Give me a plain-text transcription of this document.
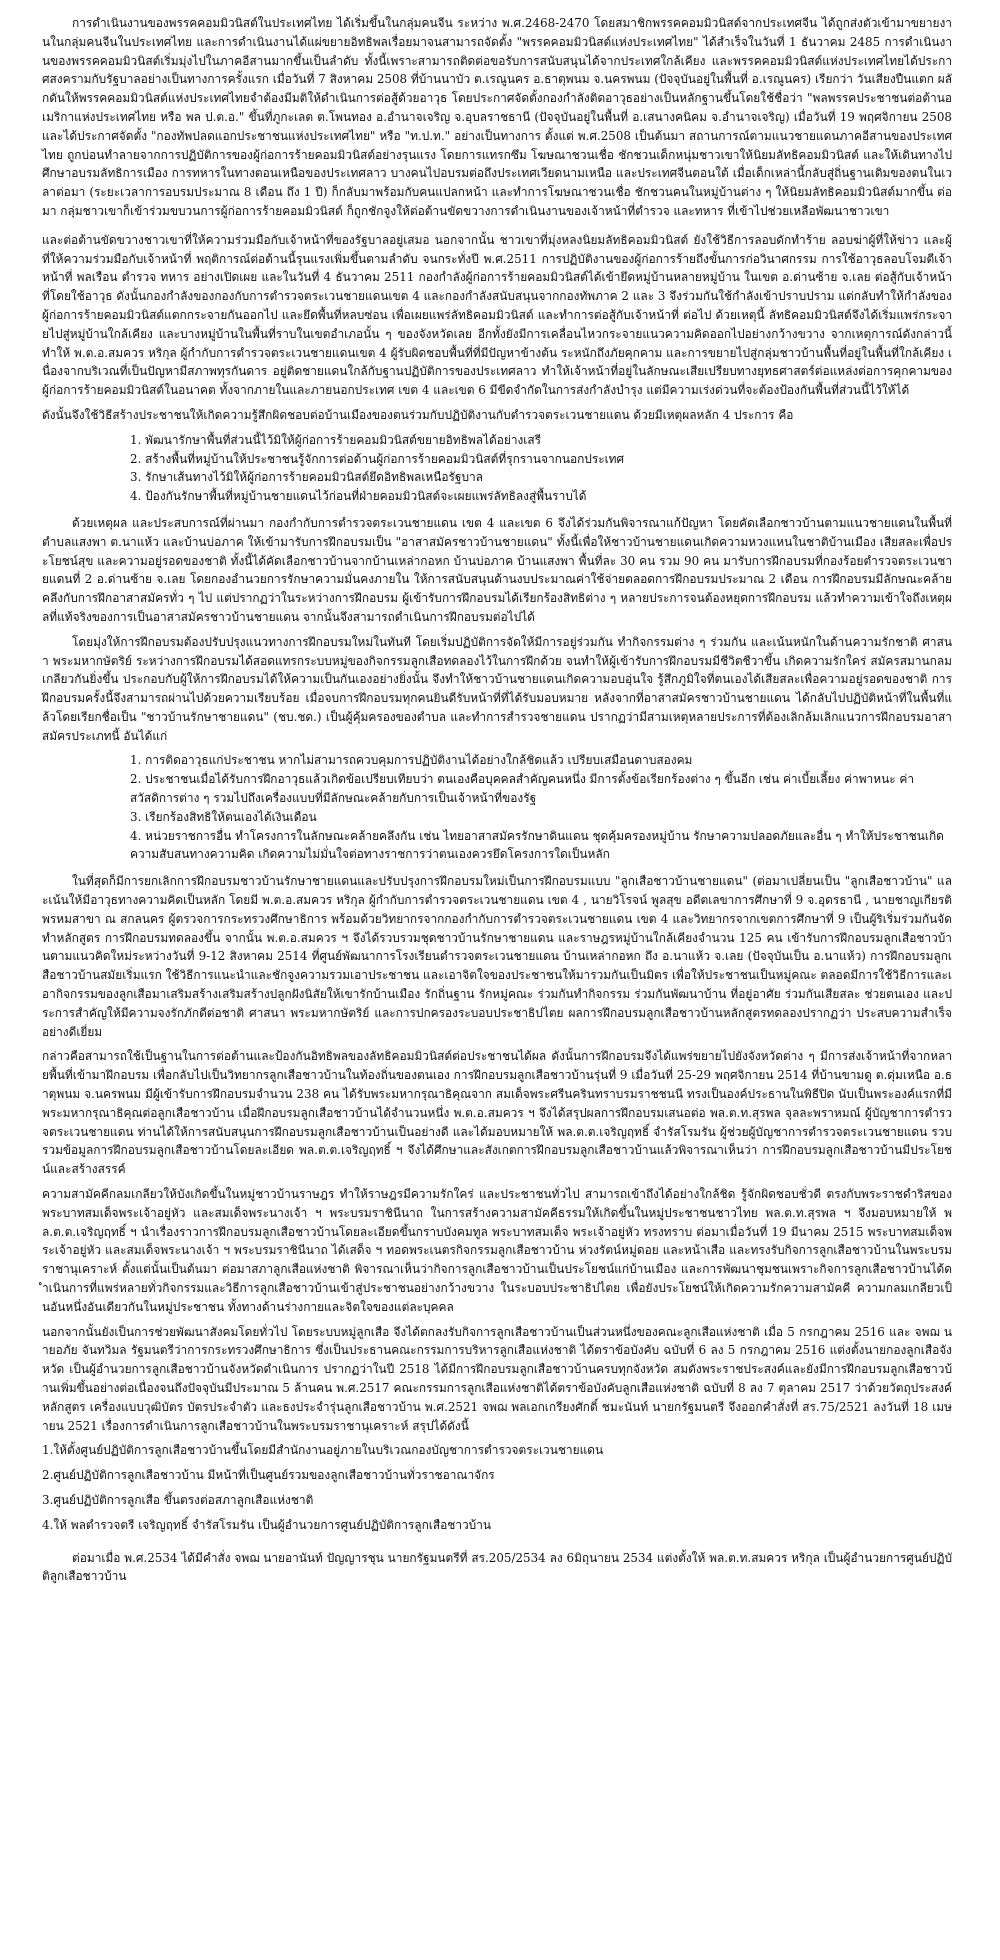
การดำเนินงานของพรรคคอมมิวนิสต์ในประเทศไทย ได้เริ่มขึ้นในกลุ่มคนจีน ระหว่าง พ.ศ.2468-2470 โดยสมาชิกพรรคคอมมิวนิสต์จากประเทศจีน ได้ถูกส่งตัวเข้ามาขยายงานในกลุ่มคนจีนในประเทศไทย และการดำเนินงานได้แผ่ขยายอิทธิพลเรื่อยมาจนสามารถจัดตั้ง "พรรคคอมมิวนิสต์แห่งประเทศไทย" ได้สำเร็จในวันที่ 1 ธันวาคม 2485 การดำเนินงานของพรรคคอมมิวนิสต์เริ่มมุ่งไปในภาคอีสานมากขึ้นเป็นลำดับ ทั้งนี้เพราะสามารถติดต่อขอรับการสนับสนุนได้จากประเทศใกล้เคียง และพรรคคอมมิวนิสต์แห่งประเทศไทยได้ประกาศสงครามกับรัฐบาลอย่างเป็นทางการครั้งแรก เมื่อวันที่ 7 สิงหาคม 2508 ที่บ้านนาบัว ต.เรณูนคร อ.ธาตุพนม จ.นครพนม (ปัจจุบันอยู่ในพื้นที่ อ.เรณูนคร) เรียกว่า วันเสียงปืนแตก ผลักดันให้พรรคคอมมิวนิสต์แห่งประเทศไทยจำต้องมีมติให้ดำเนินการต่อสู้ด้วยอาวุธ โดยประกาศจัดตั้งกองกำลังติดอาวุธอย่างเป็นหลักฐานขึ้นโดยใช้ชื่อว่า "พลพรรคประชาชนต่อต้านอเมริกาแห่งประเทศไทย หรือ พล ป.ต.อ." ขึ้นที่ภูกะเลต ต.โพนทอง อ.อำนาจเจริญ จ.อุบลราชธานี (ปัจจุบันอยู่ในพื้นที่ อ.เสนางคนิคม จ.อำนาจเจริญ) เมื่อวันที่ 19 พฤศจิกายน 2508 และได้ประกาศจัดตั้ง "กองทัพปลดแอกประชาชนแห่งประเทศไทย" หรือ "ท.ป.ท." อย่างเป็นทางการ ตั้งแต่ พ.ศ.2508 เป็นต้นมา สถานการณ์ตามแนวชายแดนภาคอีสานของประเทศไทย ถูกบ่อนทำลายจากการปฏิบัติการของผู้ก่อการร้ายคอมมิวนิสต์อย่างรุนแรง โดยการแทรกซึม โฆษณาชวนเชื่อ ชักชวนเด็กหนุ่มชาวเขาให้นิยมลัทธิคอมมิวนิสต์ และให้เดินทางไปศึกษาอบรมลัทธิการเมือง การทหารในทางตอนเหนือของประเทศลาว บางคนไปอบรมต่อถึงประเทศเวียดนามเหนือ และประเทศจีนตอนใต้ เมื่อเด็กเหล่านี้กลับสู่ถิ่นฐานเดิมของตนในเวลาต่อมา (ระยะเวลาการอบรมประมาณ 8 เดือน ถึง 1 ปี) ก็กลับมาพร้อมกับคนแปลกหน้า และทำการโฆษณาชวนเชื่อ ชักชวนคนในหมู่บ้านต่าง ๆ ให้นิยมลัทธิคอมมิวนิสต์มากขึ้น ต่อมา กลุ่มชาวเขาก็เข้าร่วมขบวนการผู้ก่อการร้ายคอมมิวนิสต์ ก็ถูกชักจูงให้ต่อต้านขัดขวางการดำเนินงานของเจ้าหน้าที่ตำรวจ และทหาร ที่เข้าไปช่วยเหลือพัฒนาชาวเขา

และต่อต้านขัดขวางชาวเขาที่ให้ความร่วมมือกับเจ้าหน้าที่ของรัฐบาลอยู่เสมอ นอกจากนั้น ชาวเขาที่มุ่งหลงนิยมลัทธิคอมมิวนิสต์ ยังใช้วิธีการลอบดักทำร้าย ลอบฆ่าผู้ที่ให้ข่าว และผู้ที่ให้ความร่วมมือกับเจ้าหน้าที่ พฤติการณ์ต่อต้านนี้รุนแรงเพิ่มขึ้นตามลำดับ จนกระทั่งปี พ.ศ.2511 การปฏิบัติงานของผู้ก่อการร้ายถึงขั้นการก่อวินาศกรรม การใช้อาวุธลอบโจมตีเจ้าหน้าที่ พลเรือน ตำรวจ ทหาร อย่างเปิดเผย และในวันที่ 4 ธันวาคม 2511 กองกำลังผู้ก่อการร้ายคอมมิวนิสต์ได้เข้ายึดหมู่บ้านหลายหมู่บ้าน ในเขต อ.ด่านซ้าย จ.เลย ต่อสู้กับเจ้าหน้าที่โดยใช้อาวุธ ดังนั้นกองกำลังของกองกับการตำรวจตระเวนชายแดนเขต 4 และกองกำลังสนับสนุนจากกองทัพภาค 2 และ 3 จึงร่วมกันใช้กำลังเข้าปราบปราม แต่กลับทำให้กำลังของผู้ก่อการร้ายคอมมิวนิสต์แตกกระจายกันออกไป และยึดพื้นที่หลบซ่อน เพื่อเผยแพร่ลัทธิคอมมิวนิสต์ และทำการต่อสู้กับเจ้าหน้าที่ ต่อไป ด้วยเหตุนี้ ลัทธิคอมมิวนิสต์จึงได้เริ่มแพร่กระจายไปสู่หมู่บ้านใกล้เคียง และบางหมู่บ้านในพื้นที่ราบในเขตอำเภอนั้น ๆ ของจังหวัดเลย อีกทั้งยังมีการเคลื่อนไหวกระจายแนวความคิดออกไปอย่างกว้างขวาง จากเหตุการณ์ดังกล่าวนี้ ทำให้ พ.ต.อ.สมควร หริกุล ผู้กำกับการตำรวจตระเวนชายแดนเขต 4 ผู้รับผิดชอบพื้นที่ที่มีปัญหาข้างต้น ระหนักถึงภัยคุกคาม และการขยายไปสู่กลุ่มชาวบ้านพื้นที่อยู่ในพื้นที่ใกล้เคียง เนื่องจากบริเวณที่เป็นปัญหามีสภาพทุรกันดาร อยู่ติดชายแดนใกล้กับฐานปฏิบัติการของประเทศลาว ทำให้เจ้าหน้าที่อยู่ในลักษณะเสียเปรียบทางยุทธศาสตร์ต่อแหล่งต่อการคุกคามของผู้ก่อการร้ายคอมมิวนิสต์ในอนาคต ทั้งจากภายในและภายนอกประเทศ เขต 4 และเขต 6 มีขีดจำกัดในการส่งกำลังบำรุง แต่มีความเร่งด่วนที่จะต้องป้องกันพื้นที่ส่วนนี้ไว้ให้ได้

ดังนั้นจึงใช้วิธีสร้างประชาชนให้เกิดความรู้สึกผิดชอบต่อบ้านเมืองของตนร่วมกับปฏิบัติงานกับตำรวจตระเวนชายแดน ด้วยมีเหตุผลหลัก 4 ประการ คือ

1. พัฒนารักษาพื้นที่ส่วนนี้ไว้มิให้ผู้ก่อการร้ายคอมมิวนิสต์ขยายอิทธิพลได้อย่างเสรี
2. สร้างพื้นที่หมู่บ้านให้ประชาชนรู้จักการต่อต้านผู้ก่อการร้ายคอมมิวนิสต์ที่รุกรานจากนอกประเทศ
3. รักษาเส้นทางไว้มิให้ผู้ก่อการร้ายคอมมิวนิสต์ยึดอิทธิพลเหนือรัฐบาล
4. ป้องกันรักษาพื้นที่หมู่บ้านชายแดนไว้ก่อนที่ฝ่ายคอมมิวนิสต์จะเผยแพร่ลัทธิลงสู่พื้นราบได้

ด้วยเหตุผล และประสบการณ์ที่ผ่านมา กองกำกับการตำรวจตระเวนชายแดน เขต 4 และเขต 6 จึงได้ร่วมกันพิจารณาแก้ปัญหา โดยคัดเลือกชาวบ้านตามแนวชายแดนในพื้นที่ ตำบลแสงพา ต.นาแห้ว และบ้านบ่อภาค ให้เข้ามารับการฝึกอบรมเป็น "อาสาสมัครชาวบ้านชายแดน" ทั้งนี้เพื่อให้ชาวบ้านชายแดนเกิดความหวงแหนในชาติบ้านเมือง เสียสละเพื่อประโยชน์สุข และความอยู่รอดของชาติ ทั้งนี้ได้คัดเลือกชาวบ้านจากบ้านเหล่ากอหก บ้านบ่อภาค บ้านแสงพา พื้นที่ละ 30 คน รวม 90 คน มารับการฝึกอบรมที่กองร้อยตำรวจตระเวนชายแดนที่ 2 อ.ด่านซ้าย จ.เลย โดยกองอำนวยการรักษาความมั่นคงภายใน ให้การสนับสนุนด้านงบประมาณค่าใช้จ่ายตลอดการฝึกอบรมประมาณ 2 เดือน การฝึกอบรมมีลักษณะคล้ายคลึงกับการฝึกอาสาสมัครทั่ว ๆ ไป แต่ปรากฏว่าในระหว่างการฝึกอบรม ผู้เข้ารับการฝึกอบรมได้เรียกร้องสิทธิต่าง ๆ หลายประการจนต้องหยุดการฝึกอบรม แล้วทำความเข้าใจถึงเหตุผลที่แท้จริงของการเป็นอาสาสมัครชาวบ้านชายแดน จากนั้นจึงสามารถดำเนินการฝึกอบรมต่อไปได้

โดยมุ่งให้การฝึกอบรมต้องปรับปรุงแนวทางการฝึกอบรมใหม่ในทันที โดยเริ่มปฏิบัติการจัดให้มีการอยู่ร่วมกัน ทำกิจกรรมต่าง ๆ ร่วมกัน และเน้นหนักในด้านความรักชาติ ศาสนา พระมหากษัตริย์ ระหว่างการฝึกอบรมได้สอดแทรกระบบหมู่ของกิจกรรมลูกเสือทดลองไว้ในการฝึกด้วย จนทำให้ผู้เข้ารับการฝึกอบรมมีชีวิตชีวาขึ้น เกิดความรักใคร่ สมัครสมานกลมเกลียวกันยิ่งขึ้น ประกอบกับผู้ให้การฝึกอบรมได้ให้ความเป็นกันเองอย่างยิ่งนั้น จึงทำให้ชาวบ้านชายแดนเกิดความอบอุ่นใจ รู้สึกภูมิใจที่ตนเองได้เสียสละเพื่อความอยู่รอดของชาติ การฝึกอบรมครั้งนี้จึงสามารถผ่านไปด้วยความเรียบร้อย เมื่อจบการฝึกอบรมทุกคนยินดีรับหน้าที่ที่ได้รับมอบหมาย หลังจากที่อาสาสมัครชาวบ้านชายแดน ได้กลับไปปฏิบัติหน้าที่ในพื้นที่แล้วโดยเรียกชื่อเป็น "ชาวบ้านรักษาชายแดน" (ชบ.ชด.) เป็นผู้คุ้มครองของตำบล และทำการสำรวจชายแดน ปรากฏว่ามีสามเหตุหลายประการที่ต้องเลิกล้มเลิกแนวการฝึกอบรมอาสาสมัครประเภทนี้ อันได้แก่

1. การติดอาวุธแก่ประชาชน หากไม่สามารถควบคุมการปฏิบัติงานได้อย่างใกล้ชิดแล้ว เปรียบเสมือนดาบสองคม
2. ประชาชนเมื่อได้รับการฝึกอาวุธแล้วเกิดข้อเปรียบเทียบว่า ตนเองคือบุคคลสำคัญคนหนึ่ง มีการตั้งข้อเรียกร้องต่าง ๆ ขึ้นอีก เช่น ค่าเบี้ยเลี้ยง ค่าพาหนะ ค่าสวัสดิการต่าง ๆ รวมไปถึงเครื่องแบบที่มีลักษณะคล้ายกับการเป็นเจ้าหน้าที่ของรัฐ
3. เรียกร้องสิทธิให้ตนเองได้เงินเดือน
4. หน่วยราชการอื่น ทำโครงการในลักษณะคล้ายคลึงกัน เช่น ไทยอาสาสมัครรักษาดินแดน ชุดคุ้มครองหมู่บ้าน รักษาความปลอดภัยและอื่น ๆ ทำให้ประชาชนเกิดความสับสนทางความคิด เกิดความไม่มั่นใจต่อทางราชการว่าตนเองควรยึดโครงการใดเป็นหลัก

ในที่สุดก็มีการยกเลิกการฝึกอบรมชาวบ้านรักษาชายแดนและปรับปรุงการฝึกอบรมใหม่เป็นการฝึกอบรมแบบ "ลูกเสือชาวบ้านชายแดน" (ต่อมาเปลี่ยนเป็น "ลูกเสือชาวบ้าน" และเน้นให้มีอาวุธทางความคิดเป็นหลัก โดยมี พ.ต.อ.สมควร หริกุล ผู้กำกับการตำรวจตระเวนชายแดน เขต 4 , นายวิโรจน์ พูลสุข อดีตเลขาการศึกษาที่ 9 จ.อุดรธานี , นายชาญเกียรติ พรหมสาขา ณ สกลนคร ผู้ตรวจการกระทรวงศึกษาธิการ พร้อมด้วยวิทยากรจากกองกำกับการตำรวจตระเวนชายแดน เขต 4 และวิทยากรจากเขตการศึกษาที่ 9 เป็นผู้ริเริ่มร่วมกันจัดทำหลักสูตร การฝึกอบรมทดลองขึ้น จากนั้น พ.ต.อ.สมควร ฯ จึงได้รวบรวมชุดชาวบ้านรักษาชายแดน และราษฎรหมู่บ้านใกล้เคียงจำนวน 125 คน เข้ารับการฝึกอบรมลูกเสือชาวบ้านตามแนวคิดใหม่ระหว่างวันที่ 9-12 สิงหาคม 2514 ที่ศูนย์พัฒนาการโรงเรียนตำรวจตระเวนชายแดน บ้านเหล่ากอหก ถึง อ.นาแห้ว จ.เลย (ปัจจุบันเป็น อ.นาแห้ว) การฝึกอบรมลูกเสือชาวบ้านสมัยเริ่มแรก ใช้วิธีการแนะนำและชักจูงความรวมเอาประชาชน และเอาจิตใจของประชาชนให้มารวมกันเป็นมิตร เพื่อให้ประชาชนเป็นหมู่คณะ ตลอดมีการใช้วิธีการและเอากิจกรรมของลูกเสือมาเสริมสร้างเสริมสร้างปลูกฝังนิสัยให้เขารักบ้านเมือง รักถิ่นฐาน รักหมู่คณะ ร่วมกันทำกิจกรรม ร่วมกันพัฒนาบ้าน ที่อยู่อาศัย ร่วมกันเสียสละ ช่วยตนเอง และประการสำคัญให้มีความจงรักภักดีต่อชาติ ศาสนา พระมหากษัตริย์ และการปกครองระบอบประชาธิปไตย ผลการฝึกอบรมลูกเสือชาวบ้านหลักสูตรทดลองปรากฏว่า ประสบความสำเร็จอย่างดีเยี่ยม

กล่าวคือสามารถใช้เป็นฐานในการต่อต้านและป้องกันอิทธิพลของลัทธิคอมมิวนิสต์ต่อประชาชนได้ผล ดังนั้นการฝึกอบรมจึงได้แพร่ขยายไปยังจังหวัดต่าง ๆ มีการส่งเจ้าหน้าที่จากหลายพื้นที่เข้ามาฝึกอบรม เพื่อกลับไปเป็นวิทยากรลูกเสือชาวบ้านในท้องถิ่นของตนเอง การฝึกอบรมลูกเสือชาวบ้านรุ่นที่ 9 เมื่อวันที่ 25-29 พฤศจิกายน 2514 ที่บ้านขามดู ต.ดุ่มเหนือ อ.ธาตุพนม จ.นครพนม มีผู้เข้ารับการฝึกอบรมจำนวน 238 คน ได้รับพระมหากรุณาธิคุณจาก สมเด็จพระศรีนครินทราบรมราชชนนี ทรงเป็นองค์ประธานในพิธีปิด นับเป็นพระองค์แรกที่มีพระมหากรุณาธิคุณต่อลูกเสือชาวบ้าน เมื่อฝึกอบรมลูกเสือชาวบ้านได้จำนวนหนึ่ง พ.ต.อ.สมควร ฯ จึงได้สรุปผลการฝึกอบรมเสนอต่อ พล.ต.ท.สุรพล จุลละพราหมณ์ ผู้บัญชาการตำรวจตระเวนชายแดน ท่านได้ให้การสนับสนุนการฝึกอบรมลูกเสือชาวบ้านเป็นอย่างดี และได้มอบหมายให้ พล.ต.ต.เจริญฤทธิ์ จำรัสโรมรัน ผู้ช่วยผู้บัญชาการตำรวจตระเวนชายแดน รวบรวมข้อมูลการฝึกอบรมลูกเสือชาวบ้านโดยละเอียด พล.ต.ต.เจริญฤทธิ์ ฯ จึงได้ศึกษาและสังเกตการฝึกอบรมลูกเสือชาวบ้านแล้วพิจารณาเห็นว่า การฝึกอบรมลูกเสือชาวบ้านมีประโยชน์และสร้างสรรค์

ความสามัคคีกลมเกลียวให้บังเกิดขึ้นในหมู่ชาวบ้านราษฎร ทำให้ราษฎรมีความรักใคร่ และประชาชนทั่วไป สามารถเข้าถึงได้อย่างใกล้ชิด รู้จักผิดชอบชั่วดี ตรงกับพระราชดำริสของพระบาทสมเด็จพระเจ้าอยู่หัว และสมเด็จพระนางเจ้า ฯ พระบรมราชินีนาถ ในการสร้างความสามัคคีธรรมให้เกิดขึ้นในหมู่ประชาชนชาวไทย พล.ต.ท.สุรพล ฯ จึงมอบหมายให้ พล.ต.ต.เจริญฤทธิ์ ฯ นำเรื่องราวการฝึกอบรมลูกเสือชาวบ้านโดยละเอียดขึ้นกราบบังคมทูล พระบาทสมเด็จ พระเจ้าอยู่หัว ทรงทราบ ต่อมาเมื่อวันที่ 19 มีนาคม 2515 พระบาทสมเด็จพระเจ้าอยู่หัว และสมเด็จพระนางเจ้า ฯ พระบรมราชินีนาถ ได้เสด็จ ฯ ทอดพระเนตรกิจกรรมลูกเสือชาวบ้าน ห่วงรัตน์หมู่ดอย และหน้าเสือ และทรงรับกิจการลูกเสือชาวบ้านในพระบรมราชานุเคราะห์ ตั้งแต่นั้นเป็นต้นมา ต่อมาสภาลูกเสือแห่งชาติ พิจารณาเห็นว่ากิจการลูกเสือชาวบ้านเป็นประโยชน์แก่บ้านเมือง และการพัฒนาชุมชนเพราะกิจการลูกเสือชาวบ้านได้ดำเนินการที่แพร่หลายทั่วกิจกรรมและวิธีการลูกเสือชาวบ้านเข้าสู่ประชาชนอย่างกว้างขวาง ในระบอบประชาธิปไตย เพื่อยังประโยชน์ให้เกิดความรักความสามัคคี ความกลมเกลียวเป็นอันหนึ่งอันเดียวกันในหมู่ประชาชน ทั้งทางด้านร่างกายและจิตใจของแต่ละบุคคล

นอกจากนั้นยังเป็นการช่วยพัฒนาสังคมโดยทั่วไป โดยระบบหมู่ลูกเสือ จึงได้ตกลงรับกิจการลูกเสือชาวบ้านเป็นส่วนหนึ่งของคณะลูกเสือแห่งชาติ เมื่อ 5 กรกฎาคม 2516 และ จพฌ นายอภัย จันทวิมล รัฐมนตรีว่าการกระทรวงศึกษาธิการ ซึ่งเป็นประธานคณะกรรมการบริหารลูกเสือแห่งชาติ ได้ตราข้อบังคับ ฉบับที่ 6 ลง 5 กรกฎาคม 2516 แต่งตั้งนายกองลูกเสือจังหวัด เป็นผู้อำนวยการลูกเสือชาวบ้านจังหวัดดำเนินการ ปรากฏว่าในปี 2518 ได้มีการฝึกอบรมลูกเสือชาวบ้านครบทุกจังหวัด สมดังพระราชประสงค์และยังมีการฝึกอบรมลูกเสือชาวบ้านเพิ่มขึ้นอย่างต่อเนื่องจนถึงปัจจุบันมีประมาณ 5 ล้านคน พ.ศ.2517 คณะกรรมการลูกเสือแห่งชาติได้ตราข้อบังคับลูกเสือแห่งชาติ ฉบับที่ 8 ลง 7 ตุลาคม 2517 ว่าด้วยวัตถุประสงค์ หลักสูตร เครื่องแบบวุฒิบัตร บัตรประจำตัว และธงประจำรุ่นลูกเสือชาวบ้าน พ.ศ.2521 จพฌ พลเอกเกรียงศักดิ์ ชมะนันท์ นายกรัฐมนตรี จึงออกคำสั่งที่ สร.75/2521 ลงวันที่ 18 เมษายน 2521 เรื่องการดำเนินการลูกเสือชาวบ้านในพระบรมราชานุเคราะห์ สรุปได้ดังนี้

1.ให้ตั้งศูนย์ปฏิบัติการลูกเสือชาวบ้านขึ้นโดยมีสำนักงานอยู่ภายในบริเวณกองบัญชาการตำรวจตระเวนชายแดน
2.ศูนย์ปฏิบัติการลูกเสือชาวบ้าน มีหน้าที่เป็นศูนย์รวมของลูกเสือชาวบ้านทั่วราชอาณาจักร
3.ศูนย์ปฏิบัติการลูกเสือ ขึ้นตรงต่อสภาลูกเสือแห่งชาติ
4.ให้ พลตำรวจตรี เจริญฤทธิ์ จำรัสโรมรัน เป็นผู้อำนวยการศูนย์ปฏิบัติการลูกเสือชาวบ้าน

ต่อมาเมื่อ พ.ศ.2534 ได้มีคำสั่ง จพฌ นายอานันท์ ปัญญารชุน นายกรัฐมนตรีที่ สร.205/2534 ลง 6มิถุนายน 2534 แต่งตั้งให้ พล.ต.ท.สมควร หริกุล เป็นผู้อำนวยการศูนย์ปฏิบัติลูกเสือชาวบ้าน
